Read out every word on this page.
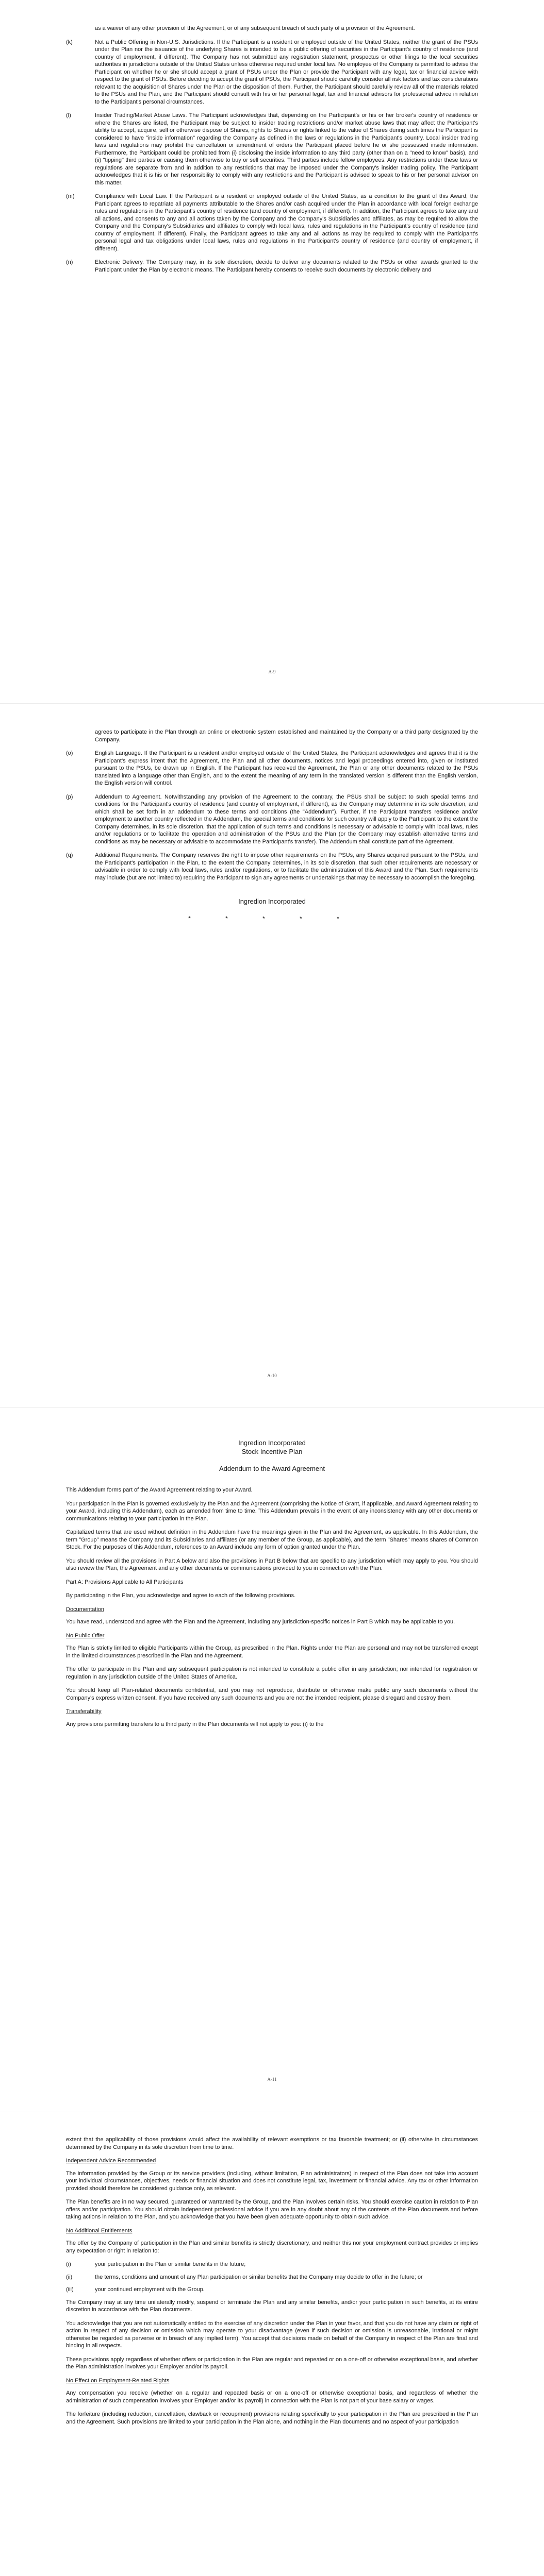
as a waiver of any other provision of the Agreement, or of any subsequent breach of such party of a provision of the Agreement.

(k)	Not a Public Offering in Non-U.S. Jurisdictions. If the Participant is a resident or employed outside of the United States, neither the grant of the PSUs under the Plan nor the issuance of the underlying Shares is intended to be a public offering of securities in the Participant's country of residence (and country of employment, if different). The Company has not submitted any registration statement, prospectus or other filings to the local securities authorities in jurisdictions outside of the United States unless otherwise required under local law. No employee of the Company is permitted to advise the Participant on whether he or she should accept a grant of PSUs under the Plan or provide the Participant with any legal, tax or financial advice with respect to the grant of PSUs. Before deciding to accept the grant of PSUs, the Participant should carefully consider all risk factors and tax considerations relevant to the acquisition of Shares under the Plan or the disposition of them. Further, the Participant should carefully review all of the materials related to the PSUs and the Plan, and the Participant should consult with his or her personal legal, tax and financial advisors for professional advice in relation to the Participant's personal circumstances.
(l)	Insider Trading/Market Abuse Laws. The Participant acknowledges that, depending on the Participant's or his or her broker's country of residence or where the Shares are listed, the Participant may be subject to insider trading restrictions and/or market abuse laws that may affect the Participant's ability to accept, acquire, sell or otherwise dispose of Shares, rights to Shares or rights linked to the value of Shares during such times the Participant is considered to have "inside information" regarding the Company as defined in the laws or regulations in the Participant's country. Local insider trading laws and regulations may prohibit the cancellation or amendment of orders the Participant placed before he or she possessed inside information. Furthermore, the Participant could be prohibited from (i) disclosing the inside information to any third party (other than on a "need to know" basis), and (ii) "tipping" third parties or causing them otherwise to buy or sell securities. Third parties include fellow employees. Any restrictions under these laws or regulations are separate from and in addition to any restrictions that may be imposed under the Company's insider trading policy. The Participant acknowledges that it is his or her responsibility to comply with any restrictions and the Participant is advised to speak to his or her personal advisor on this matter.
(m)	Compliance with Local Law. If the Participant is a resident or employed outside of the United States, as a condition to the grant of this Award, the Participant agrees to repatriate all payments attributable to the Shares and/or cash acquired under the Plan in accordance with local foreign exchange rules and regulations in the Participant's country of residence (and country of employment, if different). In addition, the Participant agrees to take any and all actions, and consents to any and all actions taken by the Company and the Company's Subsidiaries and affiliates, as may be required to allow the Company and the Company's Subsidiaries and affiliates to comply with local laws, rules and regulations in the Participant's country of residence (and country of employment, if different). Finally, the Participant agrees to take any and all actions as may be required to comply with the Participant's personal legal and tax obligations under local laws, rules and regulations in the Participant's country of residence (and country of employment, if different).
(n)	Electronic Delivery. The Company may, in its sole discretion, decide to deliver any documents related to the PSUs or other awards granted to the Participant under the Plan by electronic means. The Participant hereby consents to receive such documents by electronic delivery and
A-9

agrees to participate in the Plan through an online or electronic system established and maintained by the Company or a third party designated by the Company.

(o)	English Language. If the Participant is a resident and/or employed outside of the United States, the Participant acknowledges and agrees that it is the Participant's express intent that the Agreement, the Plan and all other documents, notices and legal proceedings entered into, given or instituted pursuant to the PSUs, be drawn up in English. If the Participant has received the Agreement, the Plan or any other documents related to the PSUs translated into a language other than English, and to the extent the meaning of any term in the translated version is different than the English version, the English version will control.
(p)	Addendum to Agreement. Notwithstanding any provision of the Agreement to the contrary, the PSUs shall be subject to such special terms and conditions for the Participant's country of residence (and country of employment, if different), as the Company may determine in its sole discretion, and which shall be set forth in an addendum to these terms and conditions (the "Addendum"). Further, if the Participant transfers residence and/or employment to another country reflected in the Addendum, the special terms and conditions for such country will apply to the Participant to the extent the Company determines, in its sole discretion, that the application of such terms and conditions is necessary or advisable to comply with local laws, rules and/or regulations or to facilitate the operation and administration of the PSUs and the Plan (or the Company may establish alternative terms and conditions as may be necessary or advisable to accommodate the Participant's transfer). The Addendum shall constitute part of the Agreement.
(q)	Additional Requirements. The Company reserves the right to impose other requirements on the PSUs, any Shares acquired pursuant to the PSUs, and the Participant's participation in the Plan, to the extent the Company determines, in its sole discretion, that such other requirements are necessary or advisable in order to comply with local laws, rules and/or regulations, or to facilitate the administration of this Award and the Plan. Such requirements may include (but are not limited to) requiring the Participant to sign any agreements or undertakings that may be necessary to accomplish the foregoing.

Ingredion Incorporated

* * * * *

A-10

Ingredion Incorporated

Stock Incentive Plan

Addendum to the Award Agreement

This Addendum forms part of the Award Agreement relating to your Award.

Your participation in the Plan is governed exclusively by the Plan and the Agreement (comprising the Notice of Grant, if applicable, and Award Agreement relating to your Award, including this Addendum), each as amended from time to time. This Addendum prevails in the event of any inconsistency with any other documents or communications relating to your participation in the Plan.

Capitalized terms that are used without definition in the Addendum have the meanings given in the Plan and the Agreement, as applicable. In this Addendum, the term "Group" means the Company and its Subsidiaries and affiliates (or any member of the Group, as applicable), and the term "Shares" means shares of Common Stock. For the purposes of this Addendum, references to an Award include any form of option granted under the Plan.

You should review all the provisions in Part A below and also the provisions in Part B below that are specific to any jurisdiction which may apply to you. You should also review the Plan, the Agreement and any other documents or communications provided to you in connection with the Plan.

Part A: Provisions Applicable to All Participants

By participating in the Plan, you acknowledge and agree to each of the following provisions.

Documentation

You have read, understood and agree with the Plan and the Agreement, including any jurisdiction-specific notices in Part B which may be applicable to you.

No Public Offer

The Plan is strictly limited to eligible Participants within the Group, as prescribed in the Plan. Rights under the Plan are personal and may not be transferred except in the limited circumstances prescribed in the Plan and the Agreement.

The offer to participate in the Plan and any subsequent participation is not intended to constitute a public offer in any jurisdiction; nor intended for registration or regulation in any jurisdiction outside of the United States of America.

You should keep all Plan-related documents confidential, and you may not reproduce, distribute or otherwise make public any such documents without the Company's express written consent. If you have received any such documents and you are not the intended recipient, please disregard and destroy them.

Transferability

Any provisions permitting transfers to a third party in the Plan documents will not apply to you: (i) to the

A-11

extent that the applicability of those provisions would affect the availability of relevant exemptions or tax favorable treatment; or (ii) otherwise in circumstances determined by the Company in its sole discretion from time to time.

Independent Advice Recommended

The information provided by the Group or its service providers (including, without limitation, Plan administrators) in respect of the Plan does not take into account your individual circumstances, objectives, needs or financial situation and does not constitute legal, tax, investment or financial advice. Any tax or other information provided should therefore be considered guidance only, as relevant.

The Plan benefits are in no way secured, guaranteed or warranted by the Group, and the Plan involves certain risks. You should exercise caution in relation to Plan offers and/or participation. You should obtain independent professional advice if you are in any doubt about any of the contents of the Plan documents and before taking actions in relation to the Plan, and you acknowledge that you have been given adequate opportunity to obtain such advice.

No Additional Entitlements

The offer by the Company of participation in the Plan and similar benefits is strictly discretionary, and neither this nor your employment contract provides or implies any expectation or right in relation to:

(i)	your participation in the Plan or similar benefits in the future;
(ii)	the terms, conditions and amount of any Plan participation or similar benefits that the Company may decide to offer in the future; or
(iii)	your continued employment with the Group.

The Company may at any time unilaterally modify, suspend or terminate the Plan and any similar benefits, and/or your participation in such benefits, at its entire discretion in accordance with the Plan documents.

You acknowledge that you are not automatically entitled to the exercise of any discretion under the Plan in your favor, and that you do not have any claim or right of action in respect of any decision or omission which may operate to your disadvantage (even if such decision or omission is unreasonable, irrational or might otherwise be regarded as perverse or in breach of any implied term). You accept that decisions made on behalf of the Company in respect of the Plan are final and binding in all respects.

These provisions apply regardless of whether offers or participation in the Plan are regular and repeated or on a one-off or otherwise exceptional basis, and whether the Plan administration involves your Employer and/or its payroll.

No Effect on Employment-Related Rights

Any compensation you receive (whether on a regular and repeated basis or on a one-off or otherwise exceptional basis, and regardless of whether the administration of such compensation involves your Employer and/or its payroll) in connection with the Plan is not part of your base salary or wages.

The forfeiture (including reduction, cancellation, clawback or recoupment) provisions relating specifically to your participation in the Plan are prescribed in the Plan and the Agreement. Such provisions are limited to your participation in the Plan alone, and nothing in the Plan documents and no aspect of your participation
